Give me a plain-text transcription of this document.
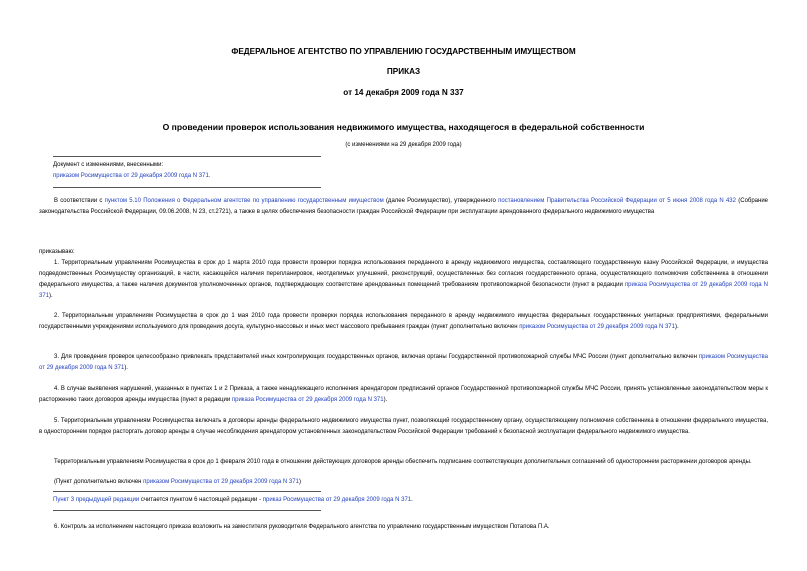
ФЕДЕРАЛЬНОЕ АГЕНТСТВО ПО УПРАВЛЕНИЮ ГОСУДАРСТВЕННЫМ ИМУЩЕСТВОМ
ПРИКАЗ
от 14 декабря 2009 года N 337
О проведении проверок использования недвижимого имущества, находящегося в федеральной собственности
(с изменениями на 29 декабря 2009 года)
Документ с изменениями, внесенными:
приказом Росимущества от 29 декабря 2009 года N 371.
В соответствии с пунктом 5.10 Положения о Федеральном агентстве по управлению государственным имуществом (далее Росимущество), утвержденного постановлением Правительства Российской Федерации от 5 июня 2008 года N 432 (Собрание законодательства Российской Федерации, 09.06.2008, N 23, ст.2721), а также в целях обеспечения безопасности граждан Российской Федерации при эксплуатации арендованного федерального недвижимого имущества
приказываю:
1. Территориальным управлениям Росимущества в срок до 1 марта 2010 года провести проверки порядка использования переданного в аренду недвижимого имущества, составляющего государственную казну Российской Федерации, и имущества подведомственных Росимуществу организаций, в части, касающейся наличия перепланировок, неотделимых улучшений, реконструкций, осуществленных без согласия государственного органа, осуществляющего полномочия собственника в отношении федерального имущества, а также наличия документов уполномоченных органов, подтверждающих соответствие арендованных помещений требованиям противопожарной безопасности (пункт в редакции приказа Росимущества от 29 декабря 2009 года N 371).
2. Территориальным управлениям Росимущества в срок до 1 мая 2010 года провести проверки порядка использования переданного в аренду недвижимого имущества федеральных государственных унитарных предприятиями, федеральными государственными учреждениями используемого для проведения досуга, культурно-массовых и иных мест массового пребывания граждан (пункт дополнительно включен приказом Росимущества от 29 декабря 2009 года N 371).
3. Для проведения проверок целесообразно привлекать представителей иных контролирующих государственных органов, включая органы Государственной противопожарной службы МЧС России (пункт дополнительно включен приказом Росимущества от 29 декабря 2009 года N 371).
4. В случае выявления нарушений, указанных в пунктах 1 и 2 Приказа, а также ненадлежащего исполнения арендатором предписаний органов Государственной противопожарной службы МЧС России, принять установленные законодательством меры к расторжению таких договоров аренды имущества (пункт в редакции приказа Росимущества от 29 декабря 2009 года N 371).
5. Территориальным управлениям Росимущества включать в договоры аренды федерального недвижимого имущества пункт, позволяющий государственному органу, осуществляющему полномочия собственника в отношении федерального имущества, в одностороннем порядке расторгать договор аренды в случае несоблюдения арендатором установленных законодательством Российской Федерации требований к безопасной эксплуатации федерального недвижимого имущества.
Территориальным управлениям Росимущества в срок до 1 февраля 2010 года в отношении действующих договоров аренды обеспечить подписание соответствующих дополнительных соглашений об одностороннем расторжении договоров аренды.
(Пункт дополнительно включен приказом Росимущества от 29 декабря 2009 года N 371)
Пункт 3 предыдущей редакции считается пунктом 6 настоящей редакции - приказ Росимущества от 29 декабря 2009 года N 371.
6. Контроль за исполнением настоящего приказа возложить на заместителя руководителя Федерального агентства по управлению государственным имуществом Потапова П.А.
